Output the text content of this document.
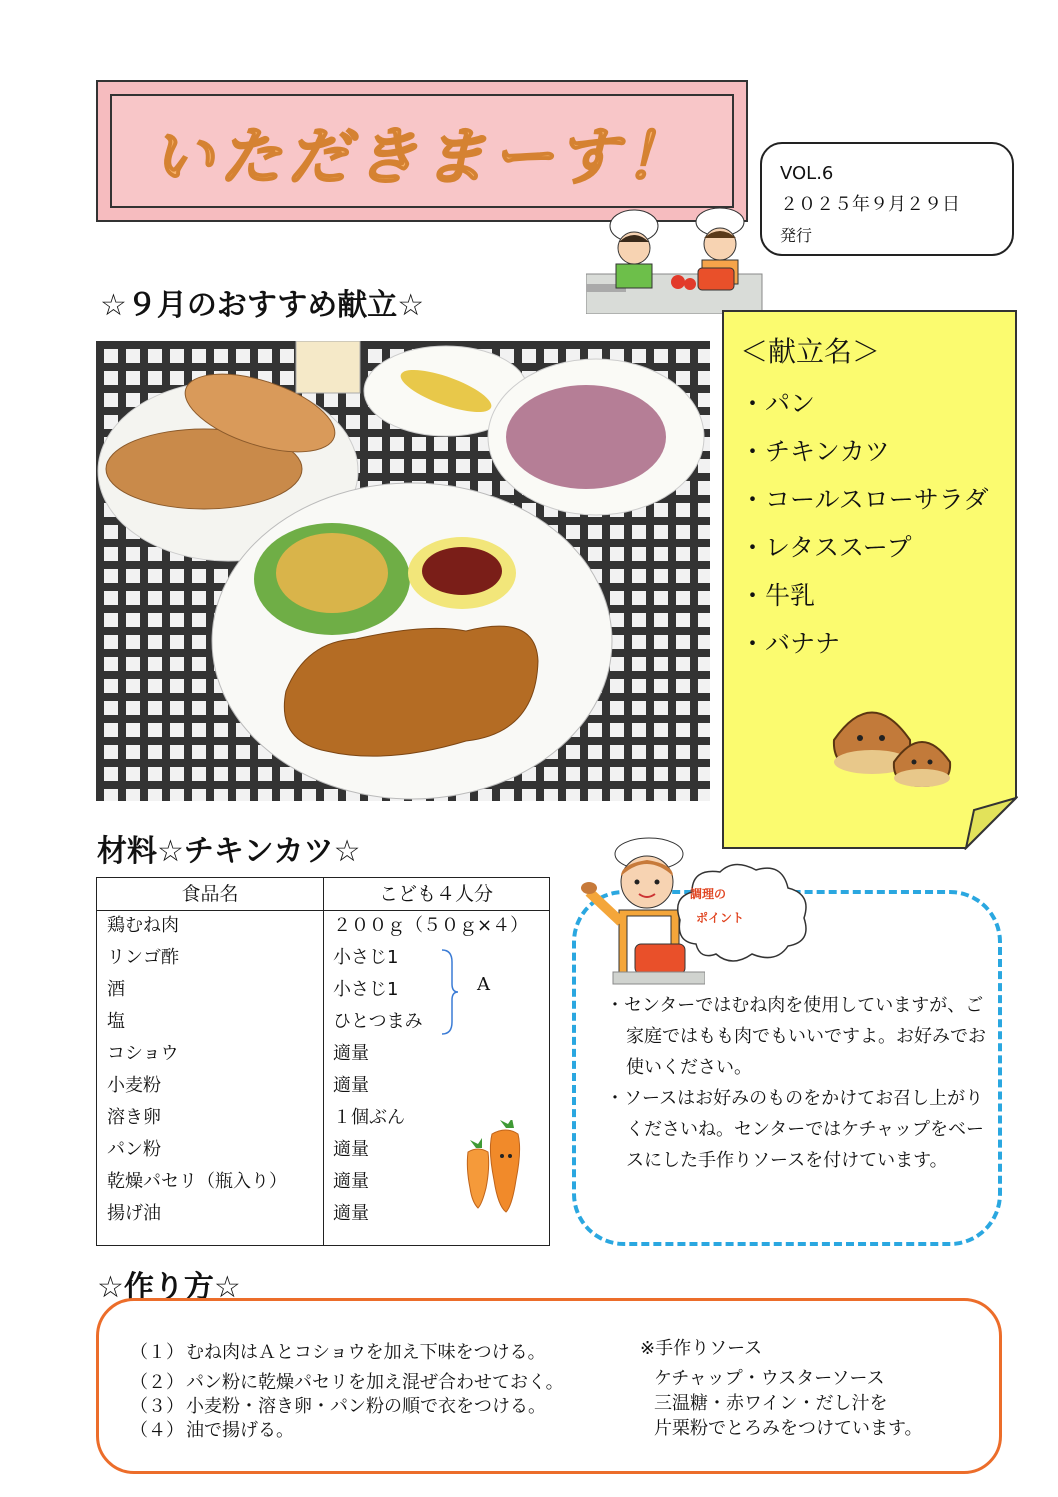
いただきまーす！	VOL.6
２０２５年９月２９日
発行
☆９月のおすすめ献立☆
＜献立名＞
・パン
・チキンカツ
・コールスローサラダ
・レタススープ
・牛乳
・バナナ
材料☆チキンカツ☆
食品名	こども４人分
鶏むね肉	２００ｇ（５０ｇ×４）
リンゴ酢	小さじ1
酒	小さじ1
塩	ひとつまみ
コショウ	適量
小麦粉	適量
溶き卵	１個ぶん
パン粉	適量
乾燥パセリ（瓶入り）	適量
揚げ油	適量
A
調理の
ポイント
・センターではむね肉を使用していますが、ご家庭ではもも肉でもいいですよ。お好みでお使いください。
・ソースはお好みのものをかけてお召し上がりくださいね。センターではケチャップをベースにした手作りソースを付けています。
☆作り方☆
（１） むね肉はＡとコショウを加え下味をつける。
（２） パン粉に乾燥パセリを加え混ぜ合わせておく。
（３） 小麦粉・溶き卵・パン粉の順で衣をつける。
（４） 油で揚げる。
※手作りソース
ケチャップ・ウスターソース
三温糖・赤ワイン・だし汁を
片栗粉でとろみをつけています。
